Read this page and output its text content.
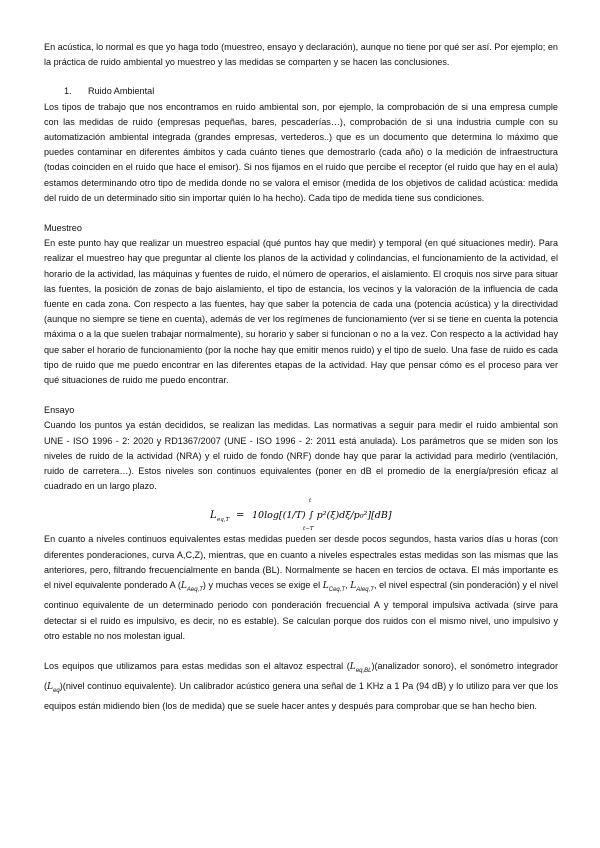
En acústica, lo normal es que yo haga todo (muestreo, ensayo y declaración), aunque no tiene por qué ser así. Por ejemplo; en la práctica de ruido ambiental yo muestreo y las medidas se comparten y se hacen las conclusiones.

1. Ruido Ambiental

Los tipos de trabajo que nos encontramos en ruido ambiental son, por ejemplo, la comprobación de si una empresa cumple con las medidas de ruido (empresas pequeñas, bares, pescaderías…), comprobación de si una industria cumple con su automatización ambiental integrada (grandes empresas, vertederos..) que es un documento que determina lo máximo que puedes contaminar en diferentes ámbitos y cada cuánto tienes que demostrarlo (cada año) o la medición de infraestructura (todas coinciden en el ruido que hace el emisor). Si nos fijamos en el ruido que percibe el receptor (el ruido que hay en el aula) estamos determinando otro tipo de medida donde no se valora el emisor (medida de los objetivos de calidad acústica: medida del ruido de un determinado sitio sin importar quién lo ha hecho). Cada tipo de medida tiene sus condiciones.

Muestreo

En este punto hay que realizar un muestreo espacial (qué puntos hay que medir) y temporal (en qué situaciones medir). Para realizar el muestreo hay que preguntar al cliente los planos de la actividad y colindancias, el funcionamiento de la actividad, el horario de la actividad, las máquinas y fuentes de ruido, el número de operarios, el aislamiento. El croquis nos sirve para situar las fuentes, la posición de zonas de bajo aislamiento, el tipo de estancia, los vecinos y la valoración de la influencia de cada fuente en cada zona. Con respecto a las fuentes, hay que saber la potencia de cada una (potencia acústica) y la directividad (aunque no siempre se tiene en cuenta), además de ver los regímenes de funcionamiento (ver si se tiene en cuenta la potencia máxima o a la que suelen trabajar normalmente), su horario y saber si funcionan o no a la vez. Con respecto a la actividad hay que saber el horario de funcionamiento (por la noche hay que emitir menos ruido) y el tipo de suelo. Una fase de ruido es cada tipo de ruido que me puedo encontrar en las diferentes etapas de la actividad. Hay que pensar cómo es el proceso para ver qué situaciones de ruido me puedo encontrar.

Ensayo

Cuando los puntos ya están decididos, se realizan las medidas. Las normativas a seguir para medir el ruido ambiental son UNE - ISO 1996 - 2: 2020 y RD1367/2007 (UNE - ISO 1996 - 2: 2011 está anulada). Los parámetros que se miden son los niveles de ruido de la actividad (NRA) y el ruido de fondo (NRF) donde hay que parar la actividad para medirlo (ventilación, ruido de carretera…). Estos niveles son continuos equivalentes (poner en dB el promedio de la energía/presión eficaz al cuadrado en un largo plazo.

L eq,T = 10log[(1/T) ∫ p²(ξ)dξ/p₀²][dB]
t
t−T

En cuanto a niveles continuos equivalentes estas medidas pueden ser desde pocos segundos, hasta varios días u horas (con diferentes ponderaciones, curva A,C,Z), mientras, que en cuanto a niveles espectrales estas medidas son las mismas que las anteriores, pero, filtrando frecuencialmente en banda (BL). Normalmente se hacen en tercios de octava. El más importante es el nivel equivalente ponderado A $(L_{Aeq,T})$ y muchas veces se exige el $L_{Ceq,T}$, $L_{AIeq,T}$, el nivel espectral (sin ponderación) y el nivel continuo equivalente de un determinado periodo con ponderación frecuencial A y temporal impulsiva activada (sirve para detectar si el ruido es impulsivo, es decir, no es estable). Se calculan porque dos ruidos con el mismo nivel, uno impulsivo y otro estable no nos molestan igual.

Los equipos que utilizamos para estas medidas son el altavoz espectral $(L_{eq,BL})(analizador$ sonoro), el sonómetro integrador $(L_{eq})(nivel$ continuo equivalente). Un calibrador acústico genera una señal de 1 KHz a 1 Pa (94 dB) y lo utilizo para ver que los equipos están midiendo bien (los de medida) que se suele hacer antes y después para comprobar que se han hecho bien.
